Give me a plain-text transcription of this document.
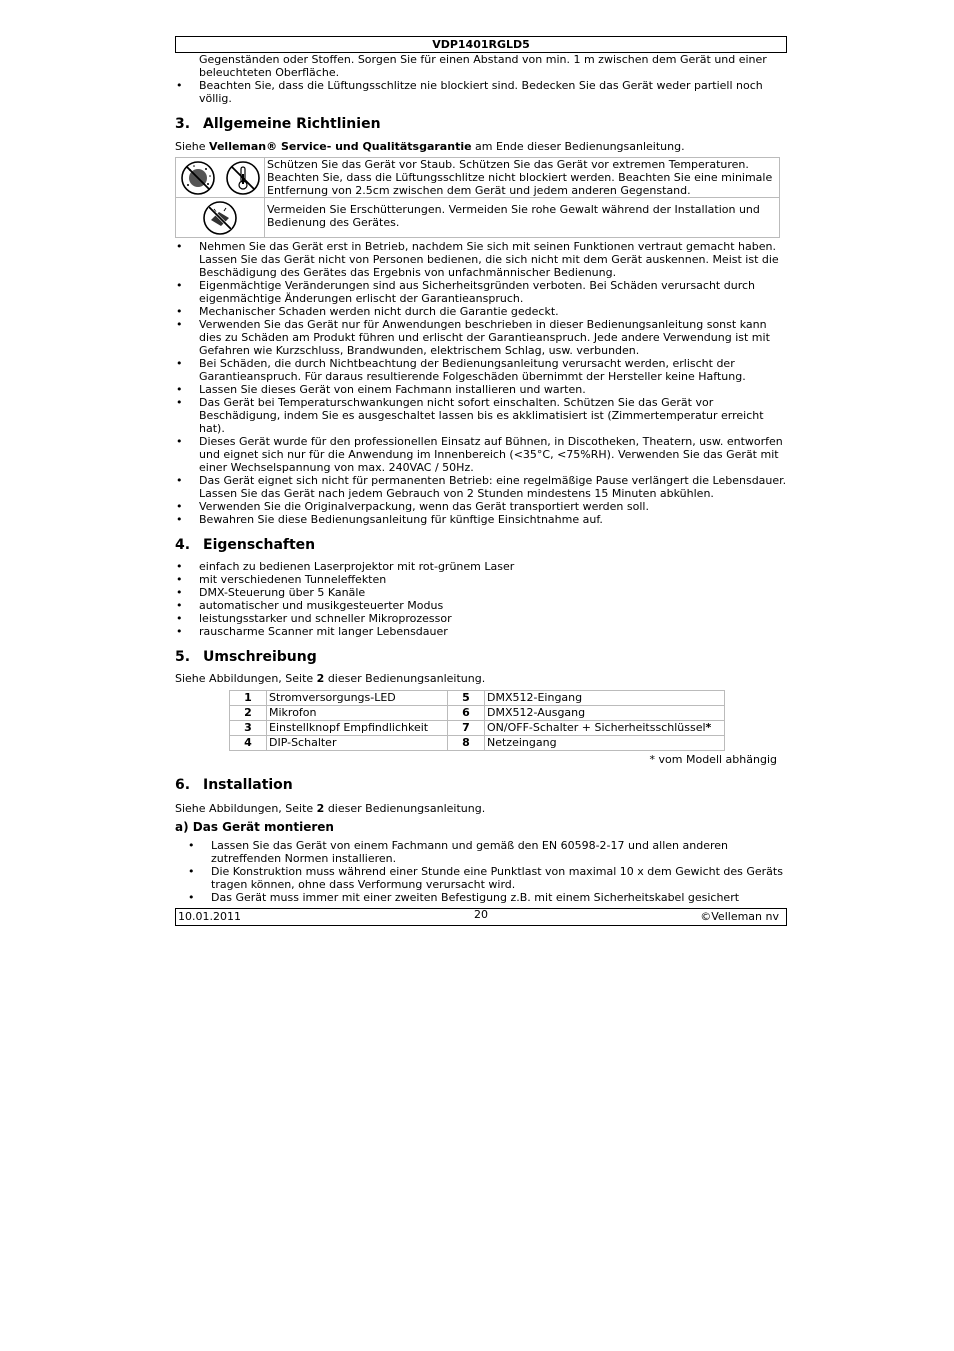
VDP1401RGLD5
Gegenständen oder Stoffen. Sorgen Sie für einen Abstand von min. 1 m zwischen dem Gerät und einer beleuchteten Oberfläche.
• Beachten Sie, dass die Lüftungsschlitze nie blockiert sind. Bedecken Sie das Gerät weder partiell noch völlig.
3. Allgemeine Richtlinien

Siehe Velleman® Service- und Qualitätsgarantie am Ende dieser Bedienungsanleitung.

	Schützen Sie das Gerät vor Staub. Schützen Sie das Gerät vor extremen Temperaturen. Beachten Sie, dass die Lüftungsschlitze nicht blockiert werden. Beachten Sie eine minimale Entfernung von 2.5cm zwischen dem Gerät und jedem anderen Gegenstand.

	Vermeiden Sie Erschütterungen. Vermeiden Sie rohe Gewalt während der Installation und Bedienung des Gerätes.
• Nehmen Sie das Gerät erst in Betrieb, nachdem Sie sich mit seinen Funktionen vertraut gemacht haben. Lassen Sie das Gerät nicht von Personen bedienen, die sich nicht mit dem Gerät auskennen. Meist ist die Beschädigung des Gerätes das Ergebnis von unfachmännischer Bedienung.
• Eigenmächtige Veränderungen sind aus Sicherheitsgründen verboten. Bei Schäden verursacht durch eigenmächtige Änderungen erlischt der Garantieanspruch.
• Mechanischer Schaden werden nicht durch die Garantie gedeckt.
• Verwenden Sie das Gerät nur für Anwendungen beschrieben in dieser Bedienungsanleitung sonst kann dies zu Schäden am Produkt führen und erlischt der Garantieanspruch. Jede andere Verwendung ist mit Gefahren wie Kurzschluss, Brandwunden, elektrischem Schlag, usw. verbunden.
• Bei Schäden, die durch Nichtbeachtung der Bedienungsanleitung verursacht werden, erlischt der Garantieanspruch. Für daraus resultierende Folgeschäden übernimmt der Hersteller keine Haftung.
• Lassen Sie dieses Gerät von einem Fachmann installieren und warten.
• Das Gerät bei Temperaturschwankungen nicht sofort einschalten. Schützen Sie das Gerät vor Beschädigung, indem Sie es ausgeschaltet lassen bis es akklimatisiert ist (Zimmertemperatur erreicht hat).
• Dieses Gerät wurde für den professionellen Einsatz auf Bühnen, in Discotheken, Theatern, usw. entworfen und eignet sich nur für die Anwendung im Innenbereich (<35°C, <75%RH). Verwenden Sie das Gerät mit einer Wechselspannung von max. 240VAC / 50Hz.
• Das Gerät eignet sich nicht für permanenten Betrieb: eine regelmäßige Pause verlängert die Lebensdauer. Lassen Sie das Gerät nach jedem Gebrauch von 2 Stunden mindestens 15 Minuten abkühlen.
• Verwenden Sie die Originalverpackung, wenn das Gerät transportiert werden soll.
• Bewahren Sie diese Bedienungsanleitung für künftige Einsichtnahme auf.
4. Eigenschaften
• einfach zu bedienen Laserprojektor mit rot-grünem Laser
• mit verschiedenen Tunneleffekten
• DMX-Steuerung über 5 Kanäle
• automatischer und musikgesteuerter Modus
• leistungsstarker und schneller Mikroprozessor
• rauscharme Scanner mit langer Lebensdauer
5. Umschreibung

Siehe Abbildungen, Seite 2 dieser Bedienungsanleitung.

1	Stromversorgungs-LED	5	DMX512-Eingang
2	Mikrofon	6	DMX512-Ausgang
3	Einstellknopf Empfindlichkeit	7	ON/OFF-Schalter + Sicherheitsschlüssel*
4	DIP-Schalter	8	Netzeingang

* vom Modell abhängig

6. Installation

Siehe Abbildungen, Seite 2 dieser Bedienungsanleitung.

a) Das Gerät montieren
• Lassen Sie das Gerät von einem Fachmann und gemäß den EN 60598-2-17 und allen anderen zutreffenden Normen installieren.
• Die Konstruktion muss während einer Stunde eine Punktlast von maximal 10 x dem Gewicht des Geräts tragen können, ohne dass Verformung verursacht wird.
• Das Gerät muss immer mit einer zweiten Befestigung z.B. mit einem Sicherheitskabel gesichert
10.01.2011	20	©Velleman nv
